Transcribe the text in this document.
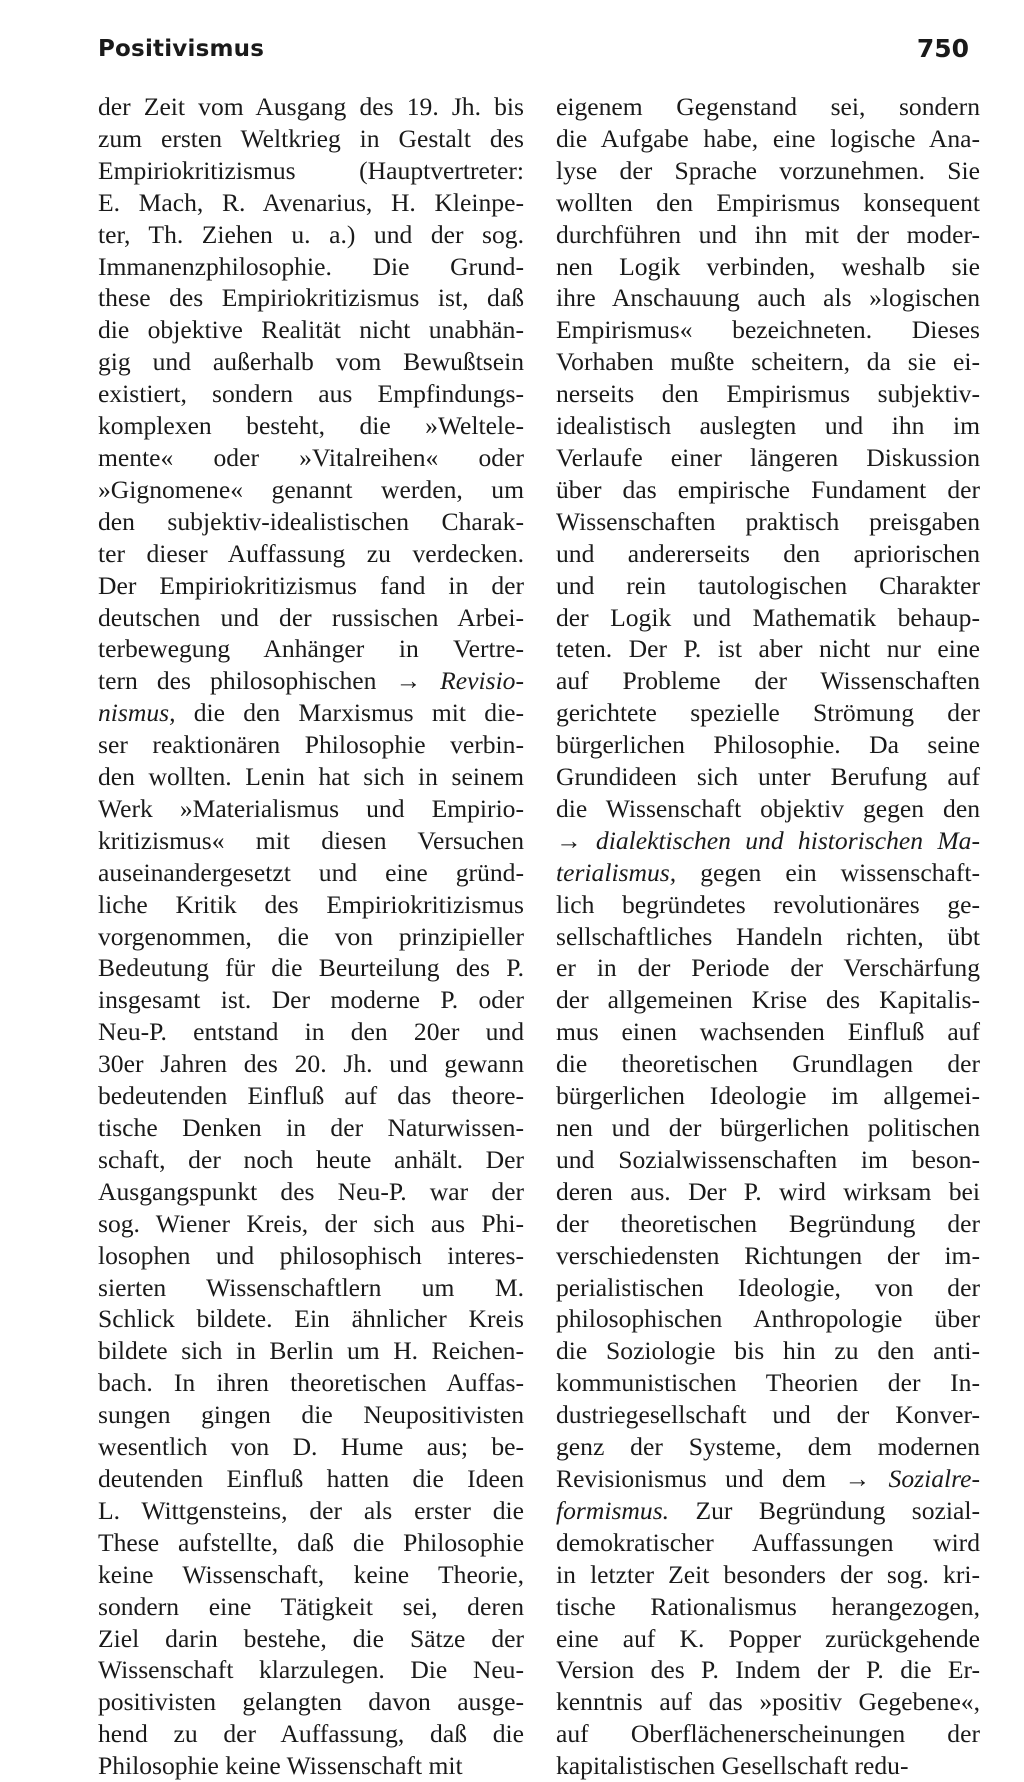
Positivismus	750
der Zeit vom Ausgang des 19. Jh. bis
zum ersten Weltkrieg in Gestalt des
Empiriokritizismus (Hauptvertreter:
E. Mach, R. Avenarius, H. Kleinpe-
ter, Th. Ziehen u. a.) und der sog.
Immanenzphilosophie. Die Grund-
these des Empiriokritizismus ist, daß
die objektive Realität nicht unabhän-
gig und außerhalb vom Bewußtsein
existiert, sondern aus Empfindungs-
komplexen besteht, die »Weltele-
mente« oder »Vitalreihen« oder
»Gignomene« genannt werden, um
den subjektiv-idealistischen Charak-
ter dieser Auffassung zu verdecken.
Der Empiriokritizismus fand in der
deutschen und der russischen Arbei-
terbewegung Anhänger in Vertre-
tern des philosophischen → Revisio-
nismus, die den Marxismus mit die-
ser reaktionären Philosophie verbin-
den wollten. Lenin hat sich in seinem
Werk »Materialismus und Empirio-
kritizismus« mit diesen Versuchen
auseinandergesetzt und eine gründ-
liche Kritik des Empiriokritizismus
vorgenommen, die von prinzipieller
Bedeutung für die Beurteilung des P.
insgesamt ist. Der moderne P. oder
Neu-P. entstand in den 20er und
30er Jahren des 20. Jh. und gewann
bedeutenden Einfluß auf das theore-
tische Denken in der Naturwissen-
schaft, der noch heute anhält. Der
Ausgangspunkt des Neu-P. war der
sog. Wiener Kreis, der sich aus Phi-
losophen und philosophisch interes-
sierten Wissenschaftlern um M.
Schlick bildete. Ein ähnlicher Kreis
bildete sich in Berlin um H. Reichen-
bach. In ihren theoretischen Auffas-
sungen gingen die Neupositivisten
wesentlich von D. Hume aus; be-
deutenden Einfluß hatten die Ideen
L. Wittgensteins, der als erster die
These aufstellte, daß die Philosophie
keine Wissenschaft, keine Theorie,
sondern eine Tätigkeit sei, deren
Ziel darin bestehe, die Sätze der
Wissenschaft klarzulegen. Die Neu-
positivisten gelangten davon ausge-
hend zu der Auffassung, daß die
Philosophie keine Wissenschaft mit
eigenem Gegenstand sei, sondern
die Aufgabe habe, eine logische Ana-
lyse der Sprache vorzunehmen. Sie
wollten den Empirismus konsequent
durchführen und ihn mit der moder-
nen Logik verbinden, weshalb sie
ihre Anschauung auch als »logischen
Empirismus« bezeichneten. Dieses
Vorhaben mußte scheitern, da sie ei-
nerseits den Empirismus subjektiv-
idealistisch auslegten und ihn im
Verlaufe einer längeren Diskussion
über das empirische Fundament der
Wissenschaften praktisch preisgaben
und andererseits den apriorischen
und rein tautologischen Charakter
der Logik und Mathematik behaup-
teten. Der P. ist aber nicht nur eine
auf Probleme der Wissenschaften
gerichtete spezielle Strömung der
bürgerlichen Philosophie. Da seine
Grundideen sich unter Berufung auf
die Wissenschaft objektiv gegen den
→ dialektischen und historischen Ma-
terialismus, gegen ein wissenschaft-
lich begründetes revolutionäres ge-
sellschaftliches Handeln richten, übt
er in der Periode der Verschärfung
der allgemeinen Krise des Kapitalis-
mus einen wachsenden Einfluß auf
die theoretischen Grundlagen der
bürgerlichen Ideologie im allgemei-
nen und der bürgerlichen politischen
und Sozialwissenschaften im beson-
deren aus. Der P. wird wirksam bei
der theoretischen Begründung der
verschiedensten Richtungen der im-
perialistischen Ideologie, von der
philosophischen Anthropologie über
die Soziologie bis hin zu den anti-
kommunistischen Theorien der In-
dustriegesellschaft und der Konver-
genz der Systeme, dem modernen
Revisionismus und dem → Sozialre-
formismus. Zur Begründung sozial-
demokratischer Auffassungen wird
in letzter Zeit besonders der sog. kri-
tische Rationalismus herangezogen,
eine auf K. Popper zurückgehende
Version des P. Indem der P. die Er-
kenntnis auf das »positiv Gegebene«,
auf Oberflächenerscheinungen der
kapitalistischen Gesellschaft redu-
